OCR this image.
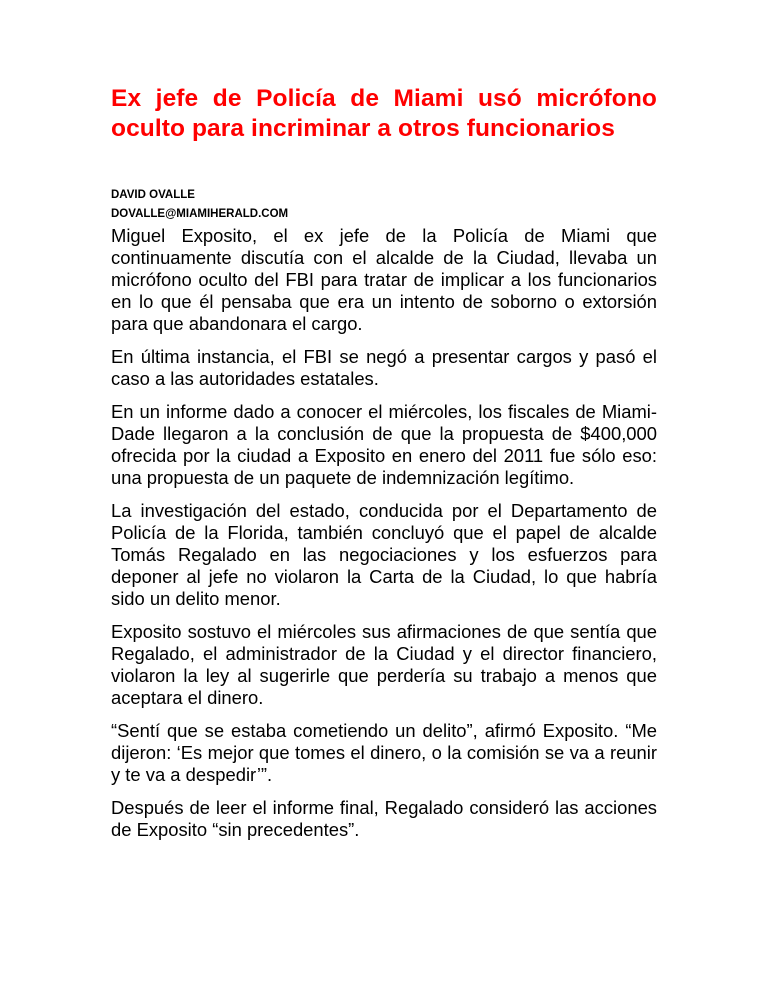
Ex jefe de Policía de Miami usó micrófono oculto para incriminar a otros funcionarios
DAVID OVALLE
DOVALLE@MIAMIHERALD.COM

Miguel Exposito, el ex jefe de la Policía de Miami que continuamente discutía con el alcalde de la Ciudad, llevaba un micrófono oculto del FBI para tratar de implicar a los funcionarios en lo que él pensaba que era un intento de soborno o extorsión para que abandonara el cargo.

En última instancia, el FBI se negó a presentar cargos y pasó el caso a las autoridades estatales.

En un informe dado a conocer el miércoles, los fiscales de Miami-Dade llegaron a la conclusión de que la propuesta de $400,000 ofrecida por la ciudad a Exposito en enero del 2011 fue sólo eso: una propuesta de un paquete de indemnización legítimo.

La investigación del estado, conducida por el Departamento de Policía de la Florida, también concluyó que el papel de alcalde Tomás Regalado en las negociaciones y los esfuerzos para deponer al jefe no violaron la Carta de la Ciudad, lo que habría sido un delito menor.

Exposito sostuvo el miércoles sus afirmaciones de que sentía que Regalado, el administrador de la Ciudad y el director financiero, violaron la ley al sugerirle que perdería su trabajo a menos que aceptara el dinero.

“Sentí que se estaba cometiendo un delito”, afirmó Exposito. “Me dijeron: ‘Es mejor que tomes el dinero, o la comisión se va a reunir y te va a despedir’”.

Después de leer el informe final, Regalado consideró las acciones de Exposito “sin precedentes”.
